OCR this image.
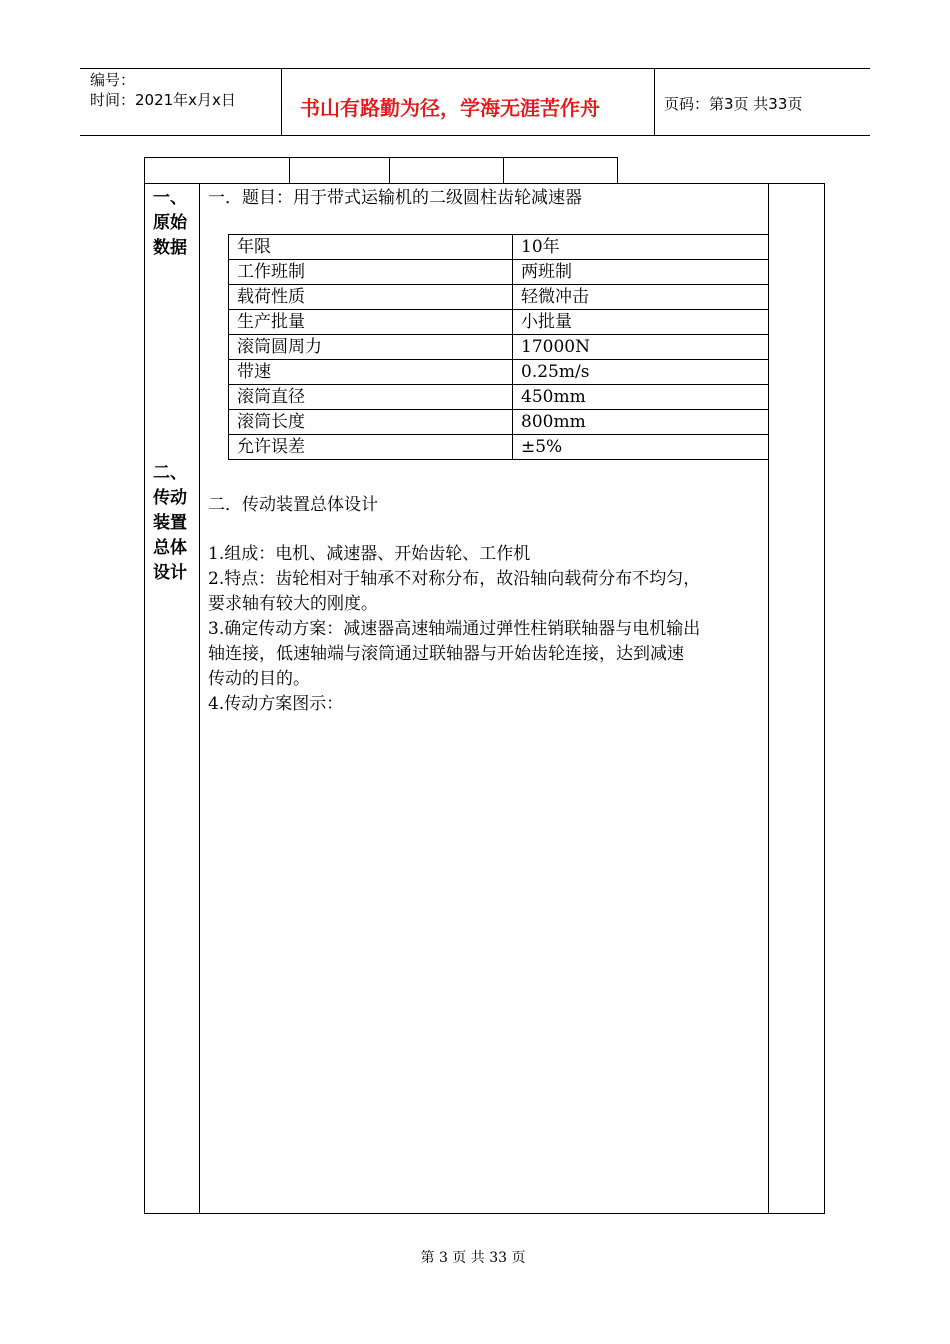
编号：
时间：2021年x月x日	书山有路勤为径，学海无涯苦作舟	页码：第3页 共33页
一、
原始
数据
二、
传动
装置
总体
设计
一．题目：用于带式运输机的二级圆柱齿轮减速器
年限	10年
工作班制	两班制
载荷性质	轻微冲击
生产批量	小批量
滚筒圆周力	17000N
带速	0.25m/s
滚筒直径	450mm
滚筒长度	800mm
允许误差	±5%
二．传动装置总体设计
1.组成：电机、减速器、开始齿轮、工作机
2.特点：齿轮相对于轴承不对称分布，故沿轴向载荷分布不均匀，
要求轴有较大的刚度。
3.确定传动方案：减速器高速轴端通过弹性柱销联轴器与电机输出
轴连接，低速轴端与滚筒通过联轴器与开始齿轮连接，达到减速
传动的目的。
4.传动方案图示：
第 3 页 共 33 页
